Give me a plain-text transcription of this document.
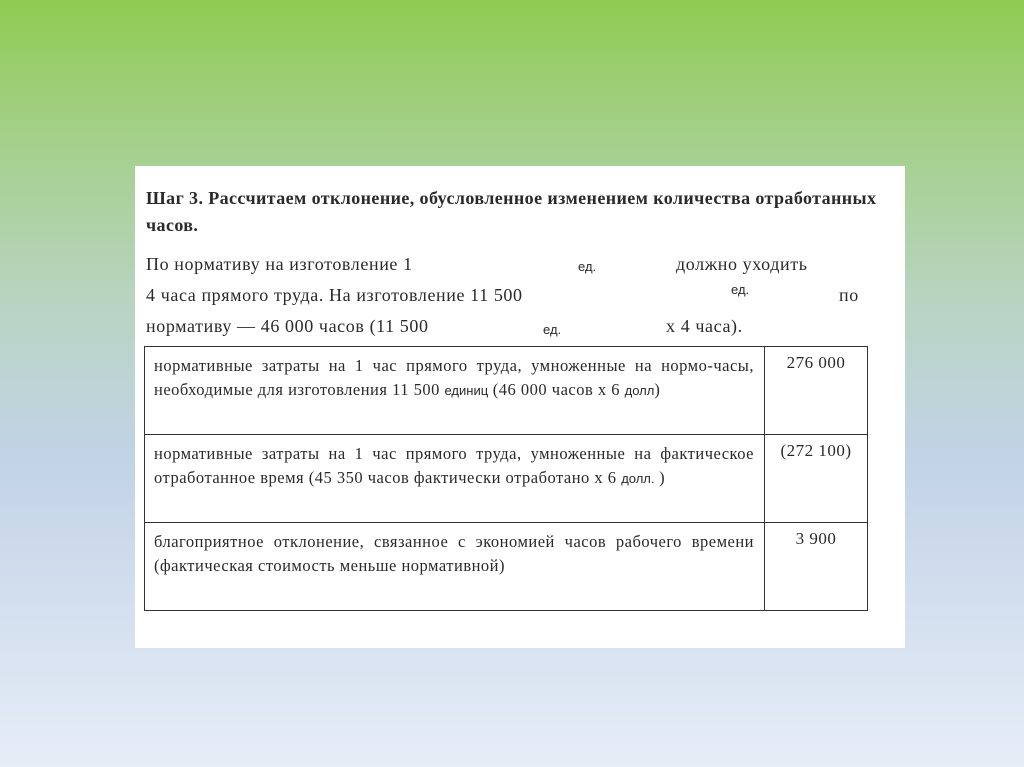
Шаг 3. Рассчитаем отклонение, обусловленное изменением количества отработанных часов.
По нормативу на изготовление 1	ед.	должно уходить
4 часа прямого труда. На изготовление 11 500	ед.	по
нормативу — 46 000 часов (11 500	ед.	х 4 часа).
нормативные затраты на 1 час прямого труда, умноженные на нормо-часы, необходимые для изготовления 11 500 единиц (46 000 часов x 6 долл)	276 000
нормативные затраты на 1 час прямого труда, умноженные на фактическое отработанное время (45 350 часов фактически отработано х 6 долл. )	(272 100)
благоприятное отклонение, связанное с экономией часов рабочего времени (фактическая стоимость меньше нормативной)	3 900
